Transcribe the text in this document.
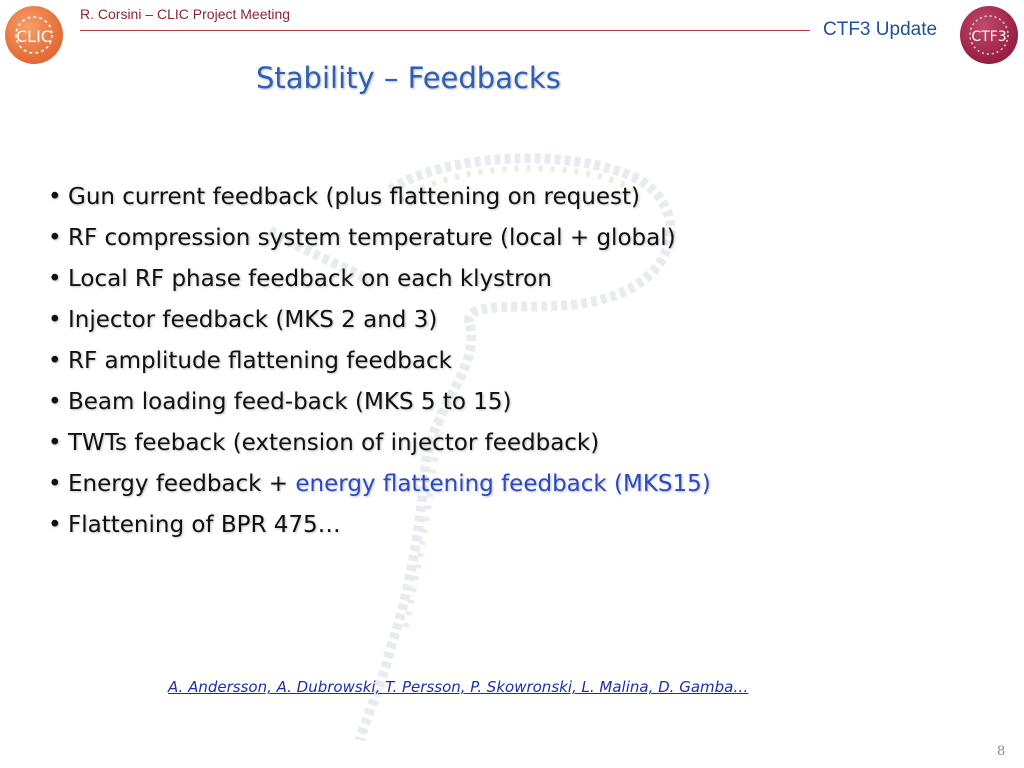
CLIC
R. Corsini – CLIC Project Meeting
CTF3 Update CTF3
Stability – Feedbacks
• Gun current feedback (plus flattening on request)
• RF compression system temperature (local + global)
• Local RF phase feedback on each klystron
• Injector feedback (MKS 2 and 3)
• RF amplitude flattening feedback
• Beam loading feed-back (MKS 5 to 15)
• TWTs feeback (extension of injector feedback)
• Energy feedback + energy flattening feedback (MKS15)
• Flattening of BPR 475…
A. Andersson, A. Dubrowski, T. Persson, P. Skowronski, L. Malina, D. Gamba…
8
